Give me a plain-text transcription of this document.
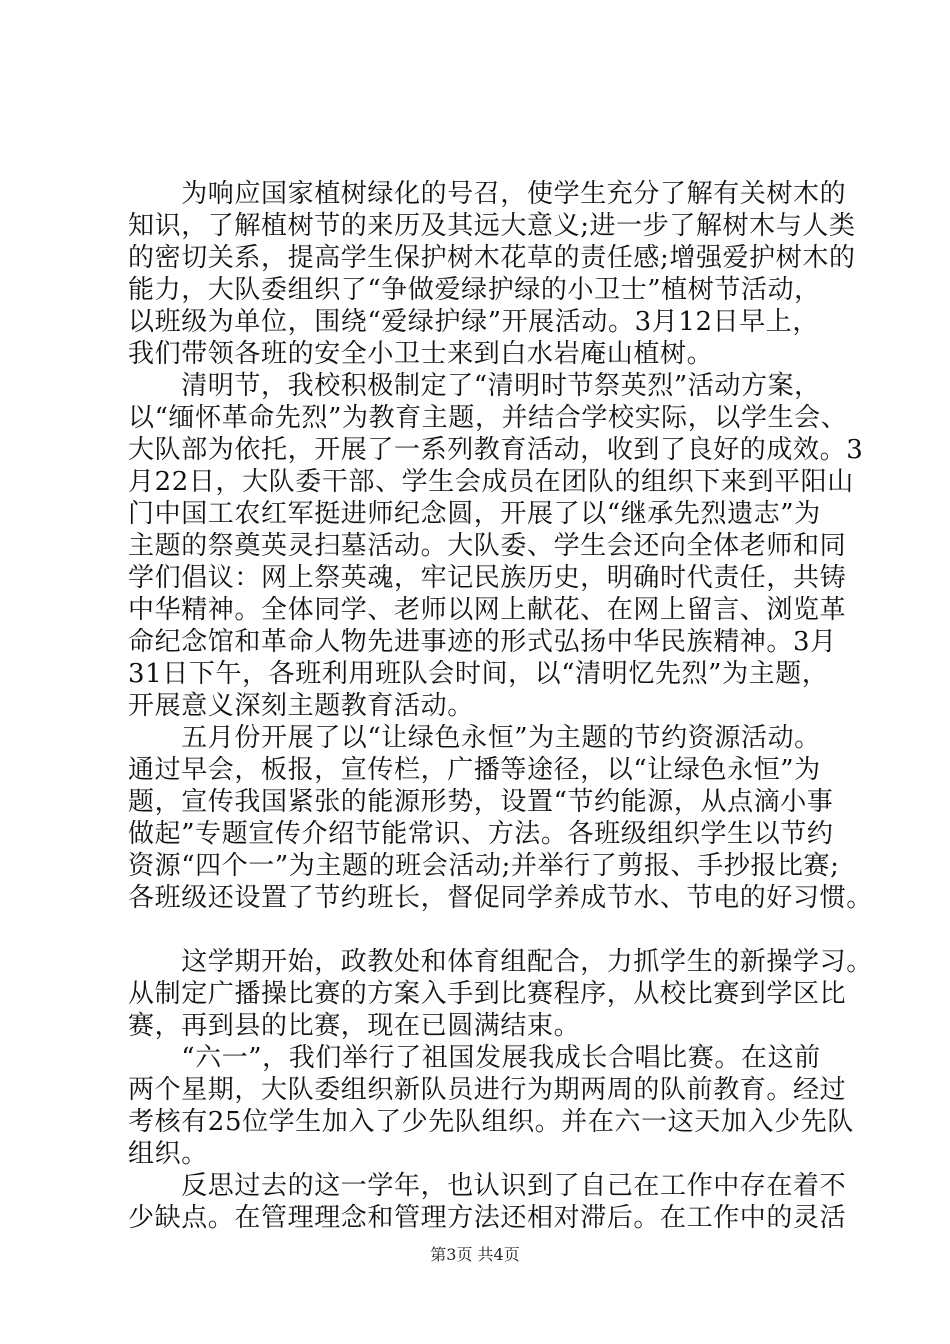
　　为响应国家植树绿化的号召，使学生充分了解有关树木的
知识，了解植树节的来历及其远大意义;进一步了解树木与人类
的密切关系，提高学生保护树木花草的责任感;增强爱护树木的
能力，大队委组织了“争做爱绿护绿的小卫士”植树节活动，
以班级为单位，围绕“爱绿护绿”开展活动。3月12日早上，
我们带领各班的安全小卫士来到白水岩庵山植树。
　　清明节，我校积极制定了“清明时节祭英烈”活动方案，
以“缅怀革命先烈”为教育主题，并结合学校实际，以学生会、
大队部为依托，开展了一系列教育活动，收到了良好的成效。3
月22日，大队委干部、学生会成员在团队的组织下来到平阳山
门中国工农红军挺进师纪念圆，开展了以“继承先烈遗志”为
主题的祭奠英灵扫墓活动。大队委、学生会还向全体老师和同
学们倡议：网上祭英魂，牢记民族历史，明确时代责任，共铸
中华精神。全体同学、老师以网上献花、在网上留言、浏览革
命纪念馆和革命人物先进事迹的形式弘扬中华民族精神。3月
31日下午，各班利用班队会时间，以“清明忆先烈”为主题，
开展意义深刻主题教育活动。
　　五月份开展了以“让绿色永恒”为主题的节约资源活动。
通过早会，板报，宣传栏，广播等途径，以“让绿色永恒”为
题，宣传我国紧张的能源形势，设置“节约能源，从点滴小事
做起”专题宣传介绍节能常识、方法。各班级组织学生以节约
资源“四个一”为主题的班会活动;并举行了剪报、手抄报比赛;
各班级还设置了节约班长，督促同学养成节水、节电的好习惯。
　　这学期开始，政教处和体育组配合，力抓学生的新操学习。
从制定广播操比赛的方案入手到比赛程序，从校比赛到学区比
赛，再到县的比赛，现在已圆满结束。
　　“六一”，我们举行了祖国发展我成长合唱比赛。在这前
两个星期，大队委组织新队员进行为期两周的队前教育。经过
考核有25位学生加入了少先队组织。并在六一这天加入少先队
组织。
　　反思过去的这一学年，也认识到了自己在工作中存在着不
少缺点。在管理理念和管理方法还相对滞后。在工作中的灵活
第3页 共4页
